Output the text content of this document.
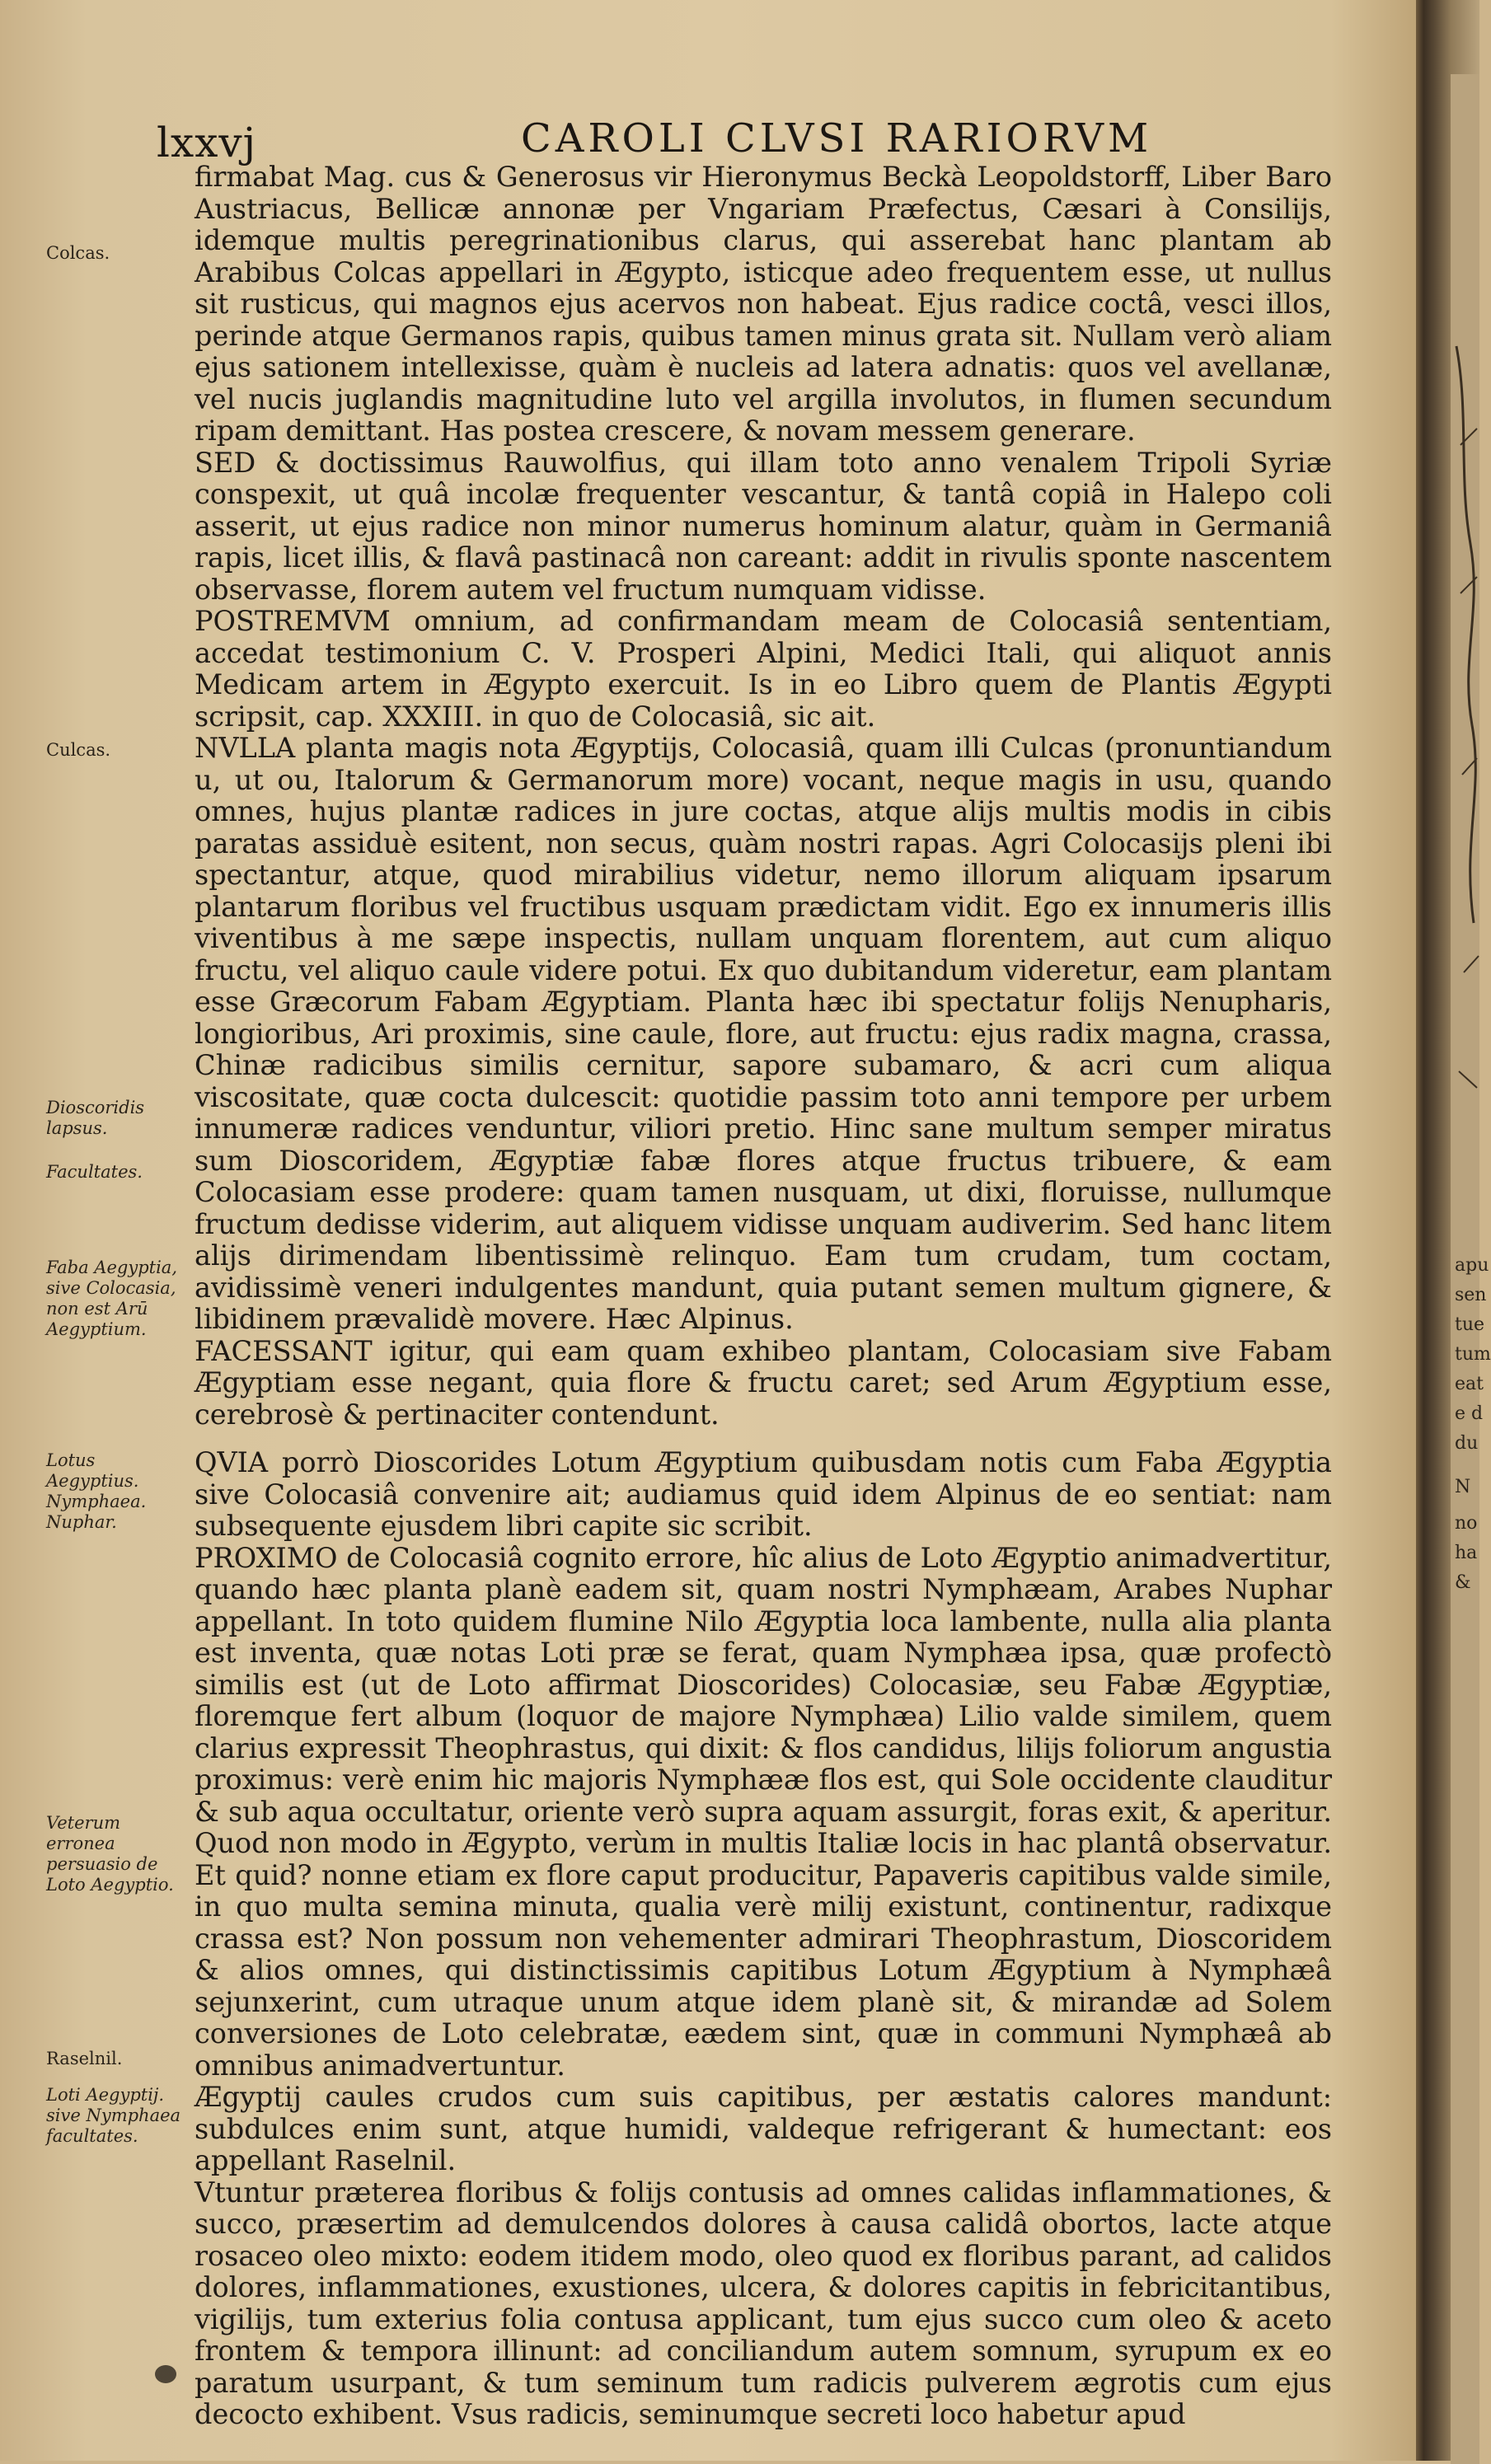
apu
sen
tue
tum
eat
e d
du
N
no
ha
&
lxxvj	CAROLI CLVSI RARIORVM
Colcas.
Culcas.
Dioscoridis lapsus.
Facultates.
Faba Aegyptia, sive Colocasia, non est Arū Aegyptium.
Lotus Aegyptius. Nymphaea. Nuphar.
Veterum erronea persuasio de Loto Aegyptio.
Raselnil.
Loti Aegyptij. sive Nymphaea facultates.

firmabat Mag. cus & Generosus vir Hieronymus Beckà Leopoldstorff, Liber Baro Austriacus, Bellicæ annonæ per Vngariam Præfectus, Cæsari à Consilijs, idemque multis peregrinationibus clarus, qui asserebat hanc plantam ab Arabibus Colcas appellari in Ægypto, isticque adeo frequentem esse, ut nullus sit rusticus, qui magnos ejus acervos non habeat. Ejus radice coctâ, vesci illos, perinde atque Germanos rapis, quibus tamen minus grata sit. Nullam verò aliam ejus sationem intellexisse, quàm è nucleis ad latera adnatis: quos vel avellanæ, vel nucis juglandis magnitudine luto vel argilla involutos, in flumen secundum ripam demittant. Has postea crescere, & novam messem generare.

SED & doctissimus Rauwolfius, qui illam toto anno venalem Tripoli Syriæ conspexit, ut quâ incolæ frequenter vescantur, & tantâ copiâ in Halepo coli asserit, ut ejus radice non minor numerus hominum alatur, quàm in Germaniâ rapis, licet illis, & flavâ pastinacâ non careant: addit in rivulis sponte nascentem observasse, florem autem vel fructum numquam vidisse.

POSTREMVM omnium, ad confirmandam meam de Colocasiâ sententiam, accedat testimonium C. V. Prosperi Alpini, Medici Itali, qui aliquot annis Medicam artem in Ægypto exercuit. Is in eo Libro quem de Plantis Ægypti scripsit, cap. XXXIII. in quo de Colocasiâ, sic ait.

NVLLA planta magis nota Ægyptijs, Colocasiâ, quam illi Culcas (pronuntiandum u, ut ou, Italorum & Germanorum more) vocant, neque magis in usu, quando omnes, hujus plantæ radices in jure coctas, atque alijs multis modis in cibis paratas assiduè esitent, non secus, quàm nostri rapas. Agri Colocasijs pleni ibi spectantur, atque, quod mirabilius videtur, nemo illorum aliquam ipsarum plantarum floribus vel fructibus usquam prædictam vidit. Ego ex innumeris illis viventibus à me sæpe inspectis, nullam unquam florentem, aut cum aliquo fructu, vel aliquo caule videre potui. Ex quo dubitandum videretur, eam plantam esse Græcorum Fabam Ægyptiam. Planta hæc ibi spectatur folijs Nenupharis, longioribus, Ari proximis, sine caule, flore, aut fructu: ejus radix magna, crassa, Chinæ radicibus similis cernitur, sapore subamaro, & acri cum aliqua viscositate, quæ cocta dulcescit: quotidie passim toto anni tempore per urbem innumeræ radices venduntur, viliori pretio. Hinc sane multum semper miratus sum Dioscoridem, Ægyptiæ fabæ flores atque fructus tribuere, & eam Colocasiam esse prodere: quam tamen nusquam, ut dixi, floruisse, nullumque fructum dedisse viderim, aut aliquem vidisse unquam audiverim. Sed hanc litem alijs dirimendam libentissimè relinquo. Eam tum crudam, tum coctam, avidissimè veneri indulgentes mandunt, quia putant semen multum gignere, & libidinem prævalidè movere. Hæc Alpinus.

FACESSANT igitur, qui eam quam exhibeo plantam, Colocasiam sive Fabam Ægyptiam esse negant, quia flore & fructu caret; sed Arum Ægyptium esse, cerebrosè & pertinaciter contendunt.

QVIA porrò Dioscorides Lotum Ægyptium quibusdam notis cum Faba Ægyptia sive Colocasiâ convenire ait; audiamus quid idem Alpinus de eo sentiat: nam subsequente ejusdem libri capite sic scribit.

PROXIMO de Colocasiâ cognito errore, hîc alius de Loto Ægyptio animadvertitur, quando hæc planta planè eadem sit, quam nostri Nymphæam, Arabes Nuphar appellant. In toto quidem flumine Nilo Ægyptia loca lambente, nulla alia planta est inventa, quæ notas Loti præ se ferat, quam Nymphæa ipsa, quæ profectò similis est (ut de Loto affirmat Dioscorides) Colocasiæ, seu Fabæ Ægyptiæ, floremque fert album (loquor de majore Nymphæa) Lilio valde similem, quem clarius expressit Theophrastus, qui dixit: & flos candidus, lilijs foliorum angustia proximus: verè enim hic majoris Nymphææ flos est, qui Sole occidente clauditur & sub aqua occultatur, oriente verò supra aquam assurgit, foras exit, & aperitur. Quod non modo in Ægypto, verùm in multis Italiæ locis in hac plantâ observatur. Et quid? nonne etiam ex flore caput producitur, Papaveris capitibus valde simile, in quo multa semina minuta, qualia verè milij existunt, continentur, radixque crassa est? Non possum non vehementer admirari Theophrastum, Dioscoridem & alios omnes, qui distinctissimis capitibus Lotum Ægyptium à Nymphæâ sejunxerint, cum utraque unum atque idem planè sit, & mirandæ ad Solem conversiones de Loto celebratæ, eædem sint, quæ in communi Nymphæâ ab omnibus animadvertuntur.

Ægyptij caules crudos cum suis capitibus, per æstatis calores mandunt: subdulces enim sunt, atque humidi, valdeque refrigerant & humectant: eos appellant Raselnil.

Vtuntur præterea floribus & folijs contusis ad omnes calidas inflammationes, & succo, præsertim ad demulcendos dolores à causa calidâ obortos, lacte atque rosaceo oleo mixto: eodem itidem modo, oleo quod ex floribus parant, ad calidos dolores, inflammationes, exustiones, ulcera, & dolores capitis in febricitantibus, vigilijs, tum exterius folia contusa applicant, tum ejus succo cum oleo & aceto frontem & tempora illinunt: ad conciliandum autem somnum, syrupum ex eo paratum usurpant, & tum seminum tum radicis pulverem ægrotis cum ejus decocto exhibent. Vsus radicis, seminumque secreti loco habetur apud
